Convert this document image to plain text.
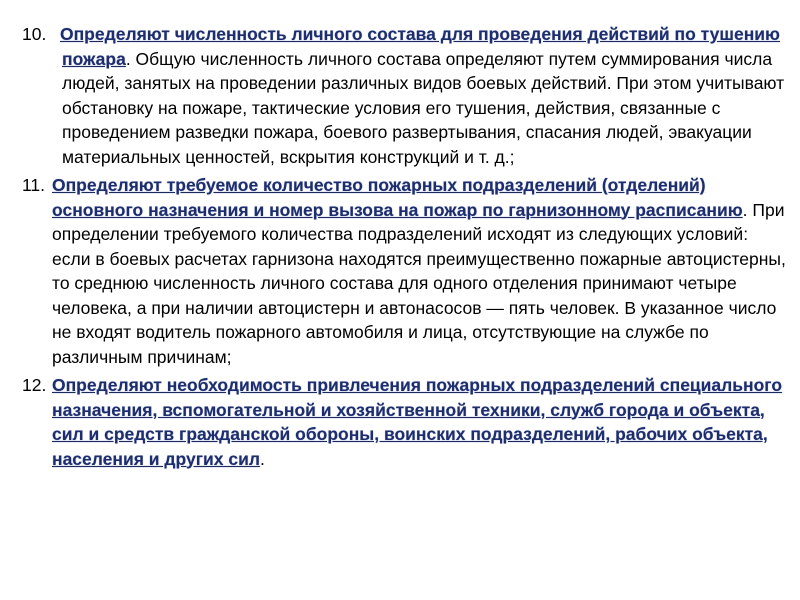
10. Определяют численность личного состава для проведения действий по тушению пожара. Общую численность личного состава определяют путем суммирования числа людей, занятых на проведении различных видов боевых действий. При этом учитывают обстановку на пожаре, тактические условия его тушения, действия, связанные с проведением разведки пожара, боевого развертывания, спасания людей, эвакуации материальных ценностей, вскрытия конструкций и т. д.;
11. Определяют требуемое количество пожарных подразделений (отделений) основного назначения и номер вызова на пожар по гарнизонному расписанию. При определении требуемого количества подразделений исходят из следующих условий: если в боевых расчетах гарнизона находятся преимущественно пожарные автоцистерны, то среднюю численность личного состава для одного отделения принимают четыре человека, а при наличии автоцистерн и автонасосов — пять человек. В указанное число не входят водитель пожарного автомобиля и лица, отсутствующие на службе по различным причинам;
12. Определяют необходимость привлечения пожарных подразделений специального назначения, вспомогательной и хозяйственной техники, служб города и объекта, сил и средств гражданской обороны, воинских подразделений, рабочих объекта, населения и других сил.
